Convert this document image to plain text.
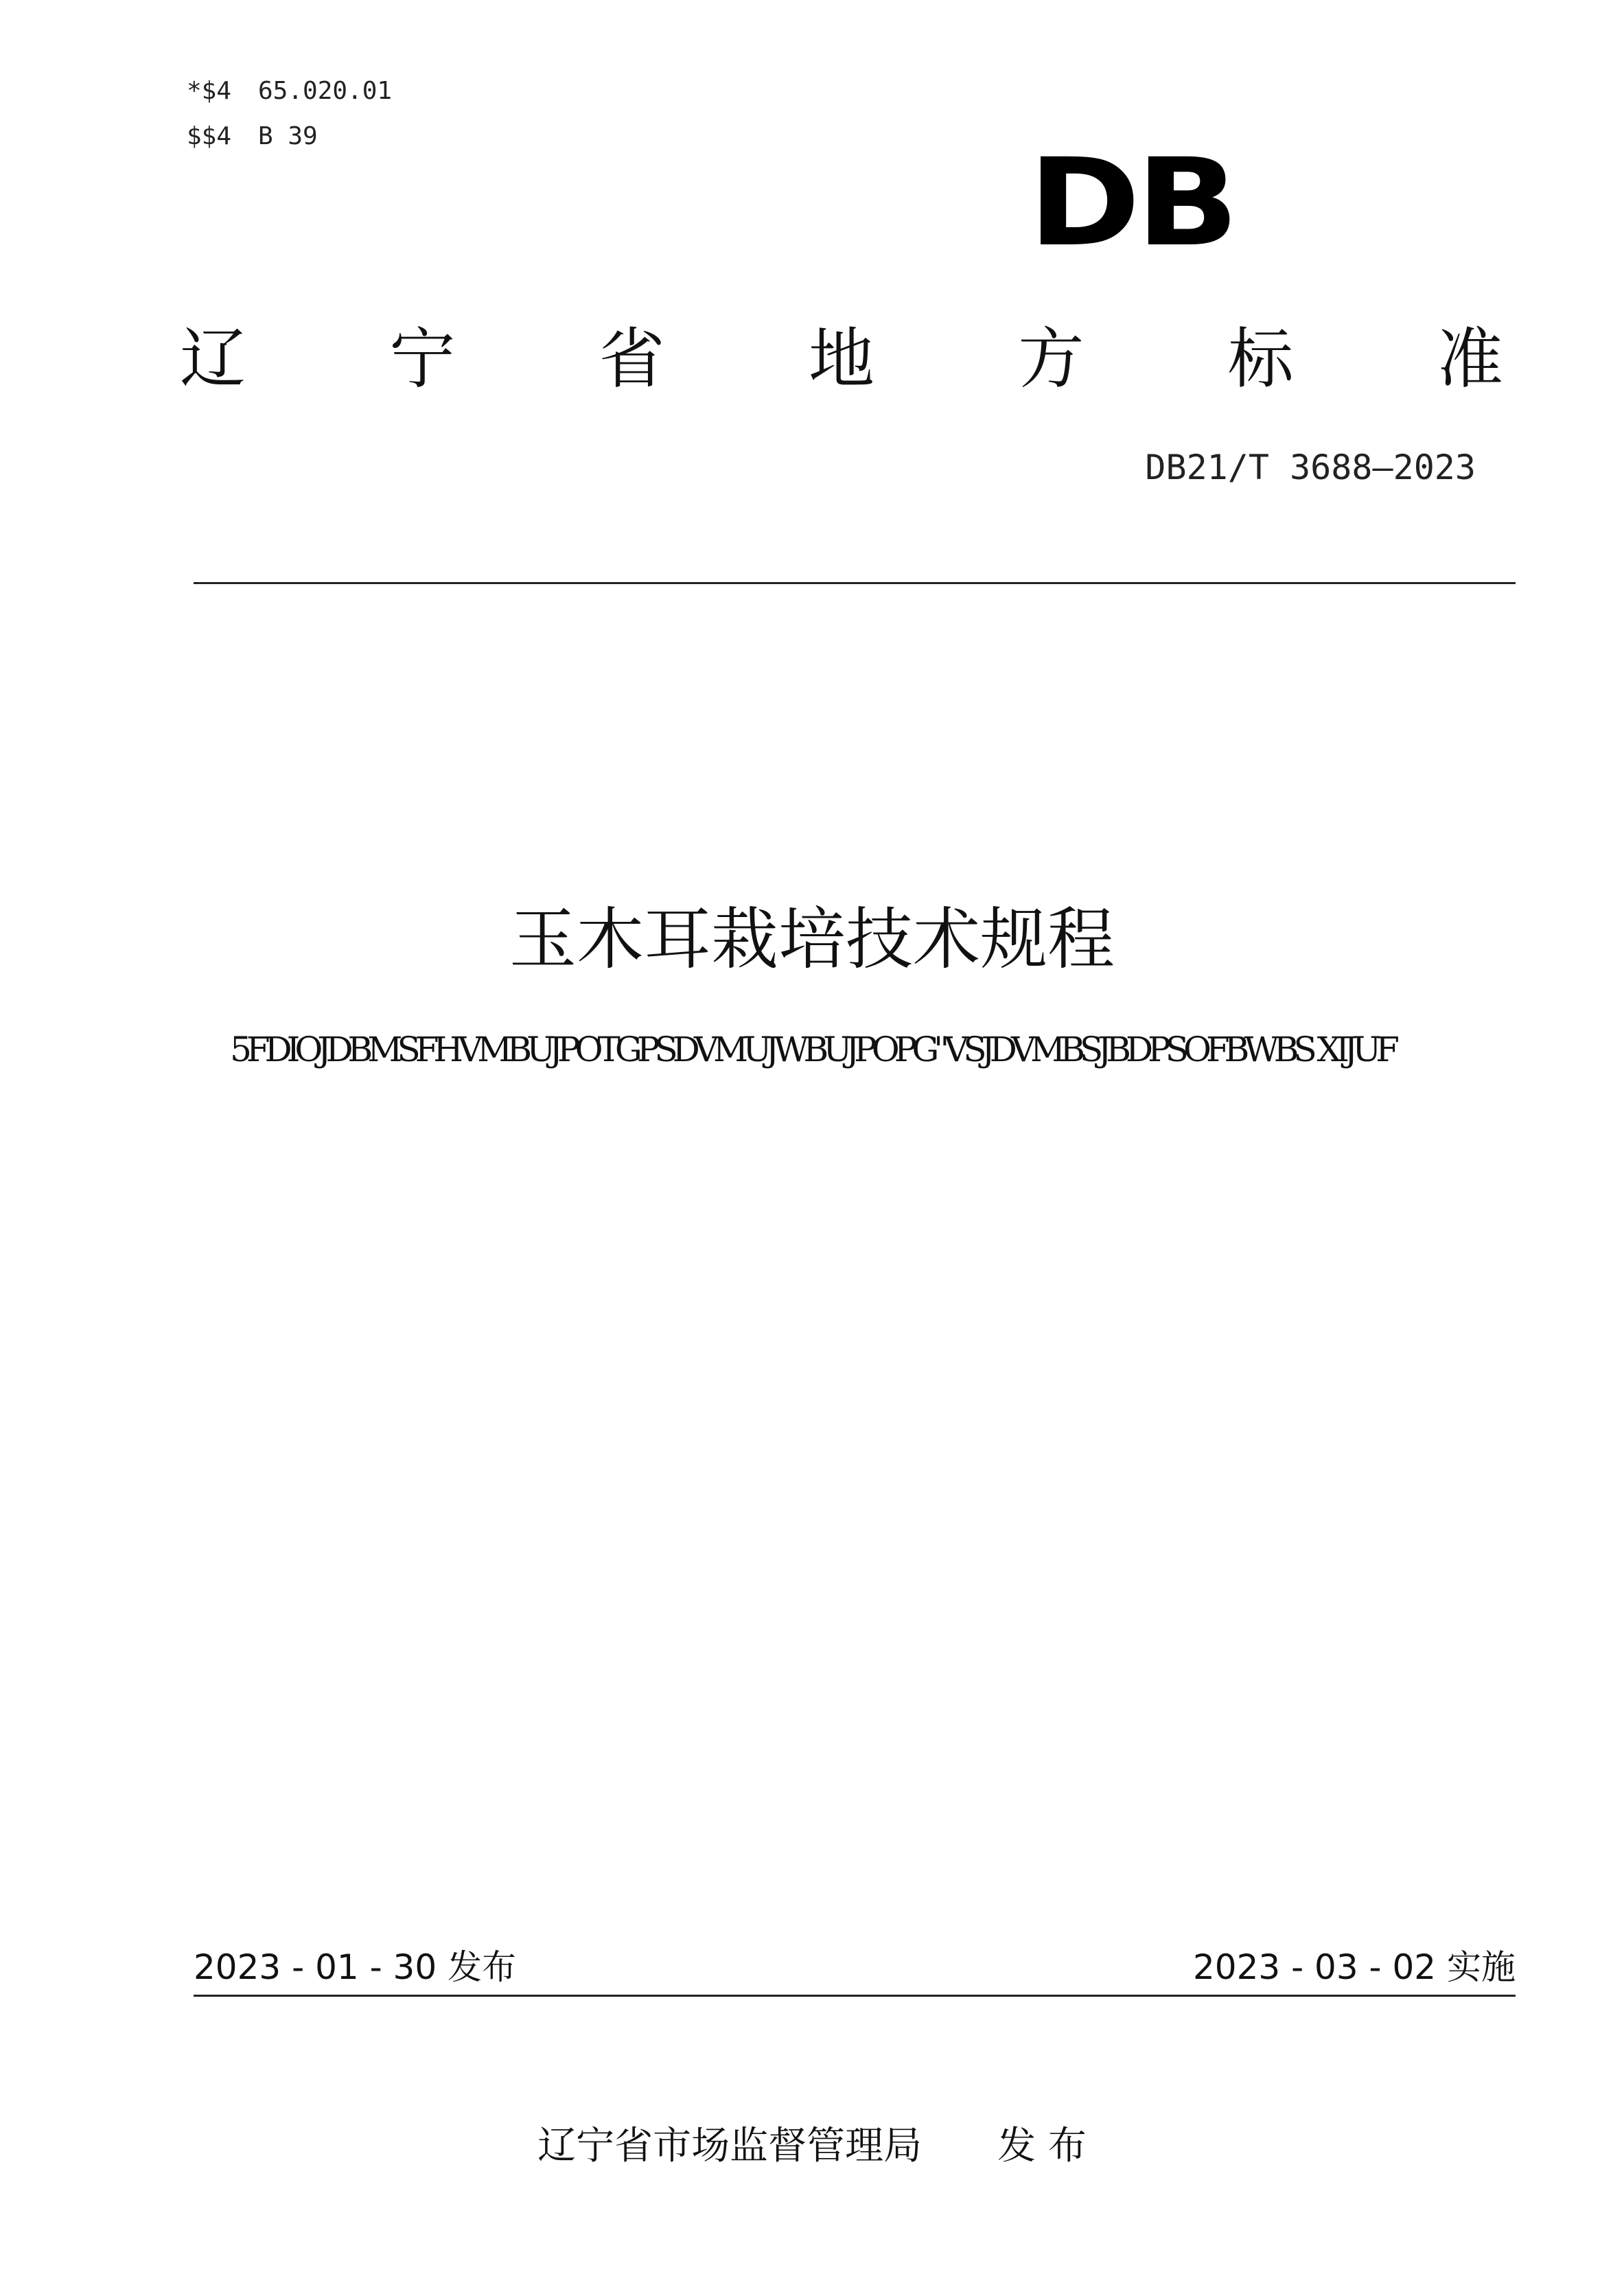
*$4 65.020.01
$$4 B 39	DB
辽 宁 省 地 方 标 准
DB21/T 3688—2023
玉木耳栽培技术规程
5FDIOJDBMSFHVMBUJPOTGPSDVMUJWBUJPOPG"VSJDVMBSJBDPSOFBWBS XIJUF
2023 - 01 - 30 发布	2023 - 03 - 02 实施
辽宁省市场监督管理局 发 布
